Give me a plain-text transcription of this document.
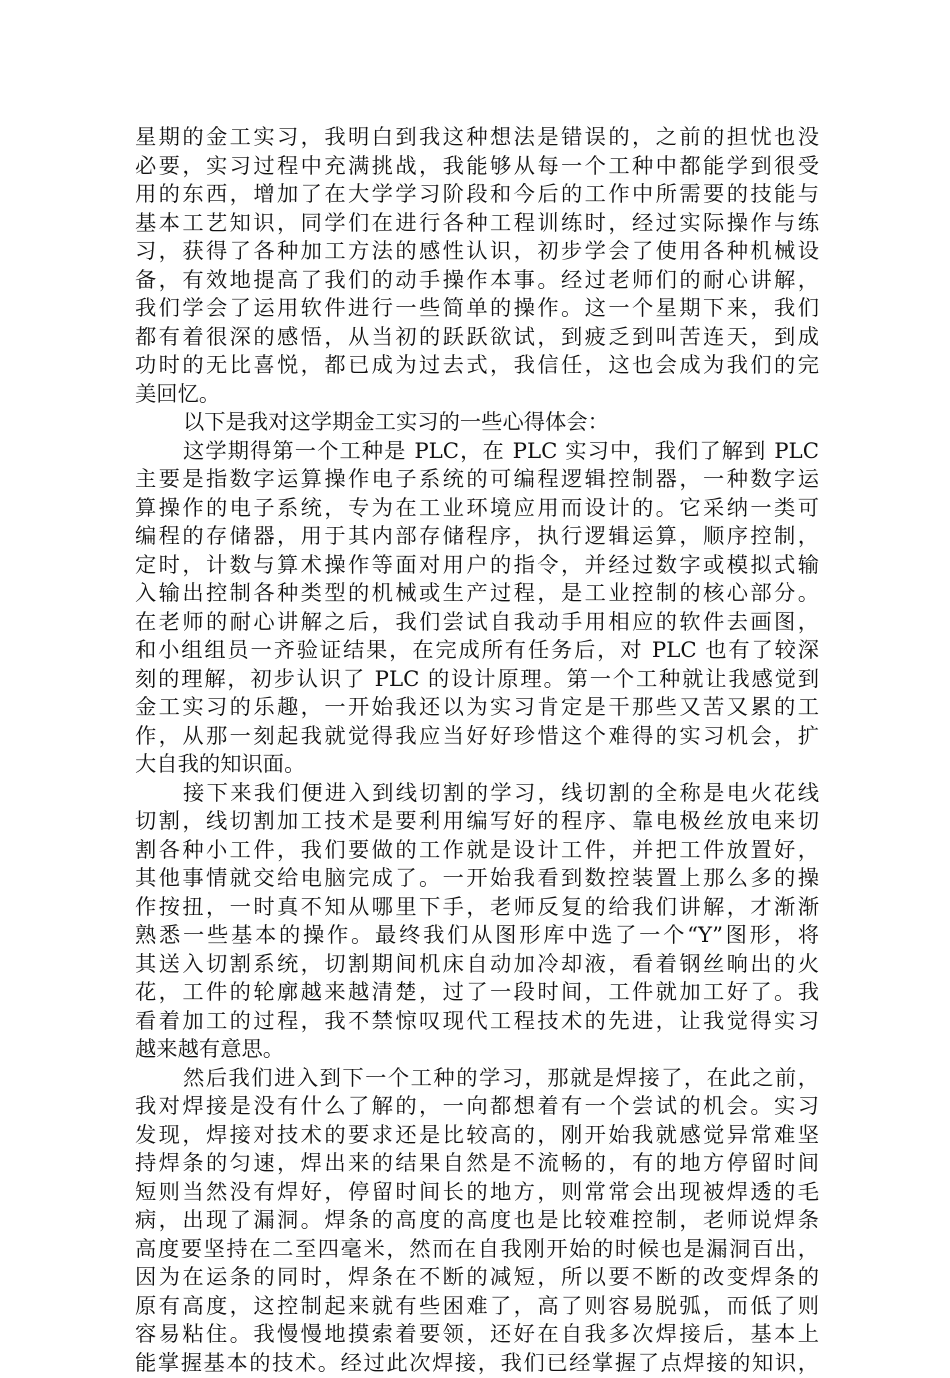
星期的金工实习，我明白到我这种想法是错误的，之前的担忧也没
必要，实习过程中充满挑战，我能够从每一个工种中都能学到很受
用的东西，增加了在大学学习阶段和今后的工作中所需要的技能与
基本工艺知识，同学们在进行各种工程训练时，经过实际操作与练
习，获得了各种加工方法的感性认识，初步学会了使用各种机械设
备，有效地提高了我们的动手操作本事。经过老师们的耐心讲解，
我们学会了运用软件进行一些简单的操作。这一个星期下来，我们
都有着很深的感悟，从当初的跃跃欲试，到疲乏到叫苦连天，到成
功时的无比喜悦，都已成为过去式，我信任，这也会成为我们的完
美回忆。
以下是我对这学期金工实习的一些心得体会：
这学期得第一个工种是 PLC，在 PLC 实习中，我们了解到 PLC
主要是指数字运算操作电子系统的可编程逻辑控制器，一种数字运
算操作的电子系统，专为在工业环境应用而设计的。它采纳一类可
编程的存储器，用于其内部存储程序，执行逻辑运算，顺序控制，
定时，计数与算术操作等面对用户的指令，并经过数字或模拟式输
入输出控制各种类型的机械或生产过程，是工业控制的核心部分。
在老师的耐心讲解之后，我们尝试自我动手用相应的软件去画图，
和小组组员一齐验证结果，在完成所有任务后，对 PLC 也有了较深
刻的理解，初步认识了 PLC 的设计原理。第一个工种就让我感觉到
金工实习的乐趣，一开始我还以为实习肯定是干那些又苦又累的工
作，从那一刻起我就觉得我应当好好珍惜这个难得的实习机会，扩
大自我的知识面。
接下来我们便进入到线切割的学习，线切割的全称是电火花线
切割，线切割加工技术是要利用编写好的程序、靠电极丝放电来切
割各种小工件，我们要做的工作就是设计工件，并把工件放置好，
其他事情就交给电脑完成了。一开始我看到数控装置上那么多的操
作按扭，一时真不知从哪里下手，老师反复的给我们讲解，才渐渐
熟悉一些基本的操作。最终我们从图形库中选了一个“Y”图形，将
其送入切割系统，切割期间机床自动加冷却液，看着钢丝晌出的火
花，工件的轮廓越来越清楚，过了一段时间，工件就加工好了。我
看着加工的过程，我不禁惊叹现代工程技术的先进，让我觉得实习
越来越有意思。
然后我们进入到下一个工种的学习，那就是焊接了，在此之前，
我对焊接是没有什么了解的，一向都想着有一个尝试的机会。实习
发现，焊接对技术的要求还是比较高的，刚开始我就感觉异常难坚
持焊条的匀速，焊出来的结果自然是不流畅的，有的地方停留时间
短则当然没有焊好，停留时间长的地方，则常常会出现被焊透的毛
病，出现了漏洞。焊条的高度的高度也是比较难控制，老师说焊条
高度要坚持在二至四毫米，然而在自我刚开始的时候也是漏洞百出，
因为在运条的同时，焊条在不断的减短，所以要不断的改变焊条的
原有高度，这控制起来就有些困难了，高了则容易脱弧，而低了则
容易粘住。我慢慢地摸索着要领，还好在自我多次焊接后，基本上
能掌握基本的技术。经过此次焊接，我们已经掌握了点焊接的知识，
